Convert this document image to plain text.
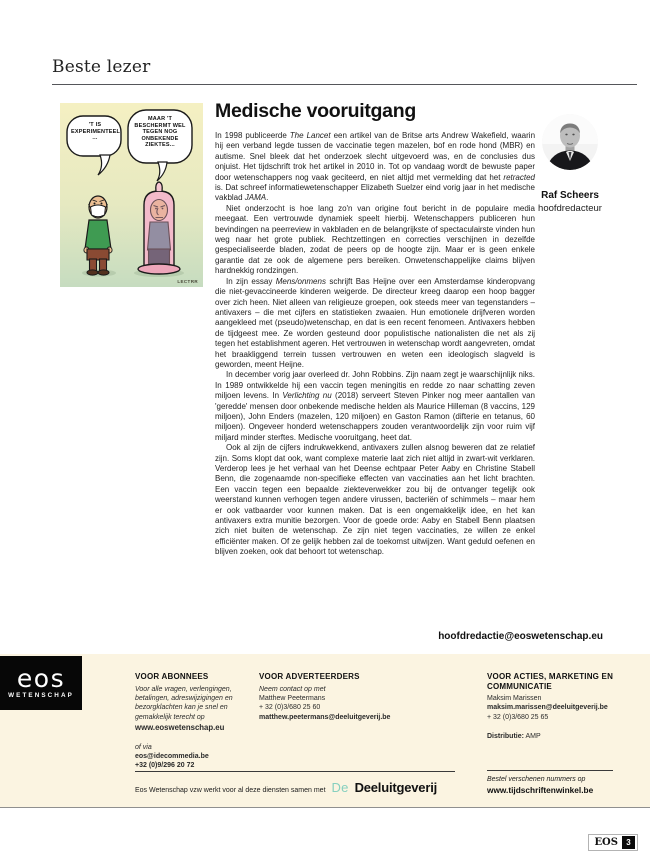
Beste lezer
'T IS EXPERIMENTEEL ...
MAAR 'T BESCHERMT WEL TEGEN NOG ONBEKENDE ZIEKTES...
LECTRR
Medische vooruitgang

In 1998 publiceerde The Lancet een artikel van de Britse arts Andrew Wakefield, waarin hij een verband legde tussen de vaccinatie tegen mazelen, bof en rode hond (MBR) en autisme. Snel bleek dat het onderzoek slecht uitgevoerd was, en de conclusies dus onjuist. Het tijdschrift trok het artikel in 2010 in. Tot op vandaag wordt de bewuste paper door wetenschappers nog vaak geciteerd, en niet altijd met vermelding dat het retracted is. Dat schreef informatiewetenschapper Elizabeth Suelzer eind vorig jaar in het medische vakblad JAMA.

Niet onderzocht is hoe lang zo'n van origine fout bericht in de populaire media meegaat. Een vertrouwde dynamiek speelt hierbij. Wetenschappers publiceren hun bevindingen na peerreview in vakbladen en de belangrijkste of spectaculairste vinden hun weg naar het grote publiek. Rechtzettingen en correcties verschijnen in dezelfde gespecialiseerde bladen, zodat de peers op de hoogte zijn. Maar er is geen enkele garantie dat ze ook de algemene pers bereiken. Onwetenschappelijke claims blijven hardnekkig rondzingen.

In zijn essay Mens/onmens schrijft Bas Heijne over een Amsterdamse kinderopvang die niet-gevaccineerde kinderen weigerde. De directeur kreeg daarop een hoop bagger over zich heen. Niet alleen van religieuze groepen, ook steeds meer van tegenstanders – antivaxers – die met cijfers en statistieken zwaaien. Hun emotionele drijfveren worden aangekleed met (pseudo)wetenschap, en dat is een recent fenomeen. Antivaxers hebben de tijdgeest mee. Ze worden gesteund door populistische nationalisten die net als zij tegen het establishment ageren. Het vertrouwen in wetenschap wordt aangevreten, omdat het braakliggend terrein tussen vertrouwen en weten een ideologisch slagveld is geworden, meent Heijne.

In december vorig jaar overleed dr. John Robbins. Zijn naam zegt je waarschijnlijk niks. In 1989 ontwikkelde hij een vaccin tegen meningitis en redde zo naar schatting zeven miljoen levens. In Verlichting nu (2018) serveert Steven Pinker nog meer aantallen van 'geredde' mensen door onbekende medische helden als Maurice Hilleman (8 vaccins, 129 miljoen), John Enders (mazelen, 120 miljoen) en Gaston Ramon (difterie en tetanus, 60 miljoen). Ongeveer honderd wetenschappers zouden verantwoordelijk zijn voor ruim vijf miljard minder sterftes. Medische vooruitgang, heet dat.

Ook al zijn de cijfers indrukwekkend, antivaxers zullen alsnog beweren dat ze relatief zijn. Soms klopt dat ook, want complexe materie laat zich niet altijd in zwart-wit verklaren. Verderop lees je het verhaal van het Deense echtpaar Peter Aaby en Christine Stabell Benn, die zogenaamde non-specifieke effecten van vaccinaties aan het licht brachten. Een vaccin tegen een bepaalde ziekteverwekker zou bij de ontvanger tegelijk ook weerstand kunnen verhogen tegen andere virussen, bacteriën of schimmels – maar hem er ook vatbaarder voor kunnen maken. Dat is een ongemakkelijk idee, en het kan antivaxers extra munitie bezorgen. Voor de goede orde: Aaby en Stabell Benn plaatsen zich niet buiten de wetenschap. Ze zijn niet tegen vaccinaties, ze willen ze enkel efficiënter maken. Of ze gelijk hebben zal de toekomst uitwijzen. Want geduld oefenen en blijven zoeken, ook dat behoort tot wetenschap.

Raf Scheers
hoofdredacteur
hoofdredactie@eoswetenschap.eu
eos
WETENSCHAP
VOOR ABONNEES
Voor alle vragen, verlengingen, betalingen, adreswijzigingen en bezorgklachten kan je snel en gemakkelijk terecht op
www.eoswetenschap.eu
of via
eos@idecommedia.be
+32 (0)9/296 20 72
VOOR ADVERTEERDERS
Neem contact op met
Matthew Peetermans
+ 32 (0)3/680 25 60
matthew.peetermans@deeluitgeverij.be
VOOR ACTIES, MARKETING EN COMMUNICATIE
Maksim Marissen
maksim.marissen@deeluitgeverij.be
+ 32 (0)3/680 25 65
Distributie: AMP
Eos Wetenschap vzw werkt voor al deze diensten samen met De Deeluitgeverij
Bestel verschenen nummers op
www.tijdschriftenwinkel.be
EOS	3
